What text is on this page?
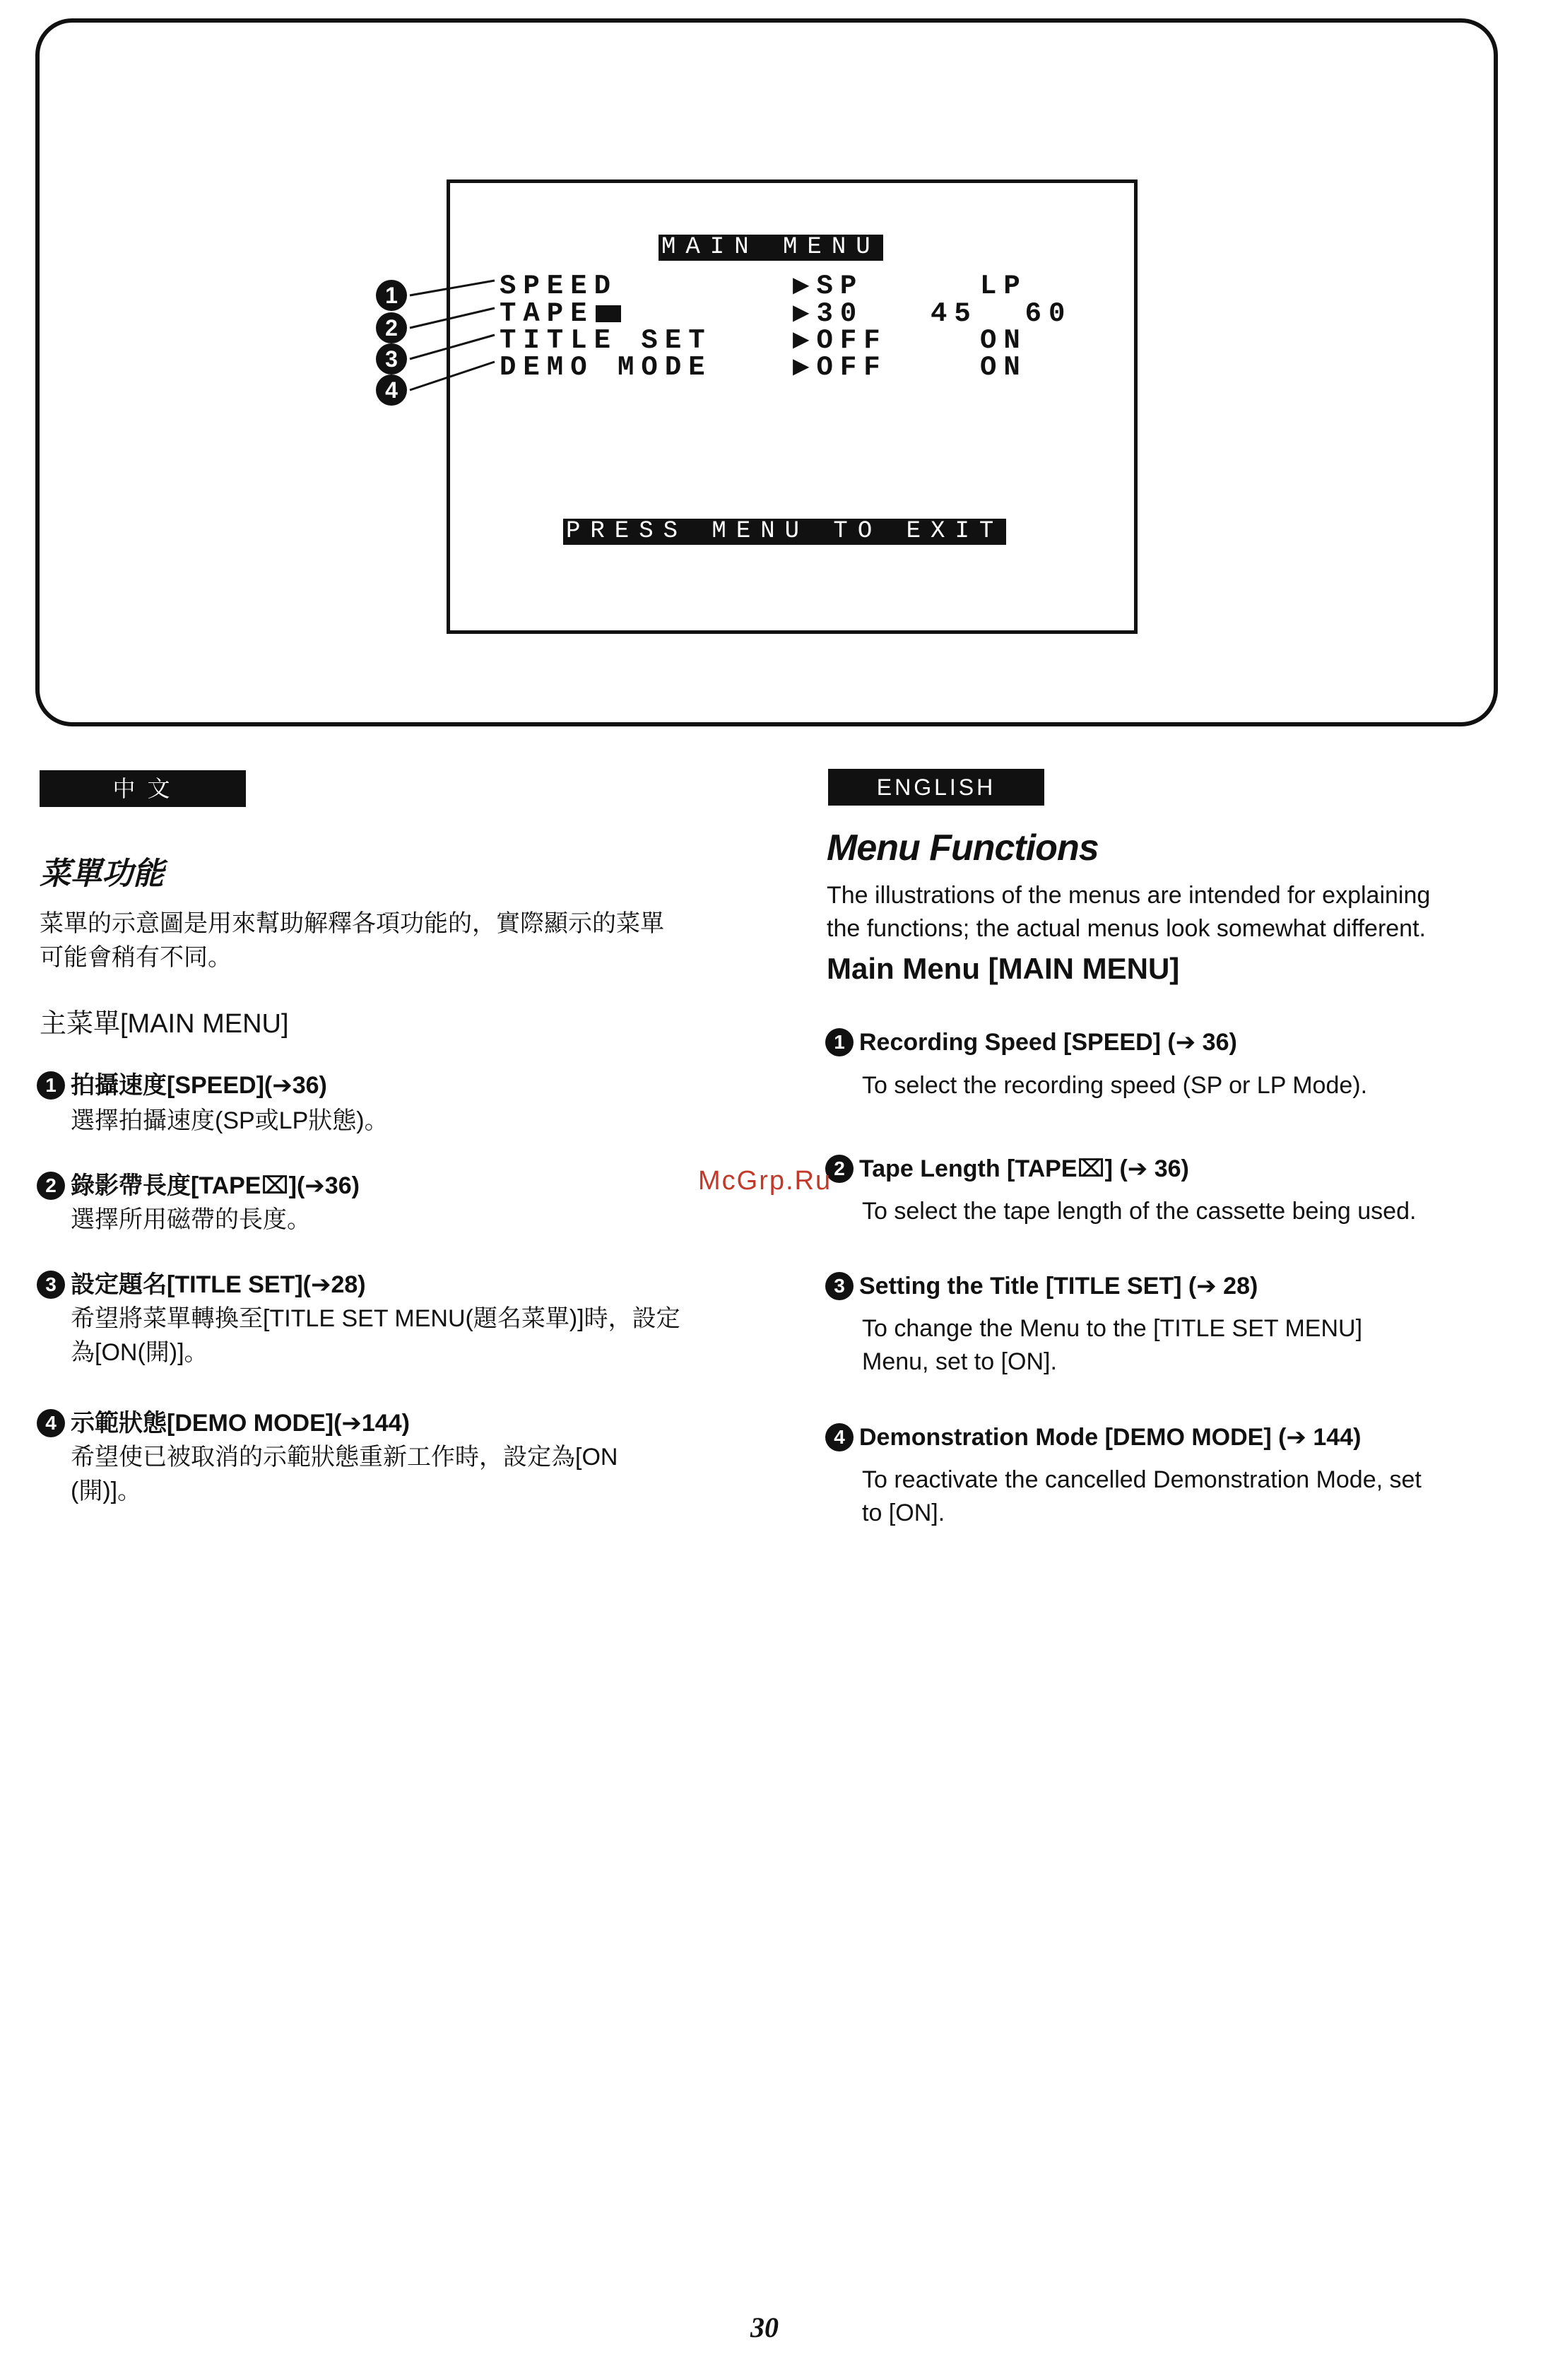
MAIN MENU
SPEED	▶SP	LP
TAPE	▶30 45  60
TITLE SET	▶OFF	ON
DEMO MODE	▶OFF	ON
PRESS MENU TO EXIT
1
2
3
4
中 文
菜單功能
菜單的示意圖是用來幫助解釋各項功能的，實際顯示的菜單
可能會稍有不同。
主菜單[MAIN MENU]
1 拍攝速度[SPEED](➔36)
選擇拍攝速度(SP或LP狀態)。
2 錄影帶長度[TAPE⌧](➔36)
選擇所用磁帶的長度。
3 設定題名[TITLE SET](➔28)
希望將菜單轉換至[TITLE SET MENU(題名菜單)]時，設定
為[ON(開)]。
4 示範狀態[DEMO MODE](➔144)
希望使已被取消的示範狀態重新工作時，設定為[ON
(開)]。
ENGLISH
Menu Functions
The illustrations of the menus are intended for explaining
the functions; the actual menus look somewhat different.
Main Menu [MAIN MENU]
1 Recording Speed [SPEED] (➔ 36)
To select the recording speed (SP or LP Mode).
2 Tape Length [TAPE⌧] (➔ 36)
To select the tape length of the cassette being used.
3 Setting the Title [TITLE SET] (➔ 28)
To change the Menu to the [TITLE SET MENU]
Menu, set to [ON].
4 Demonstration Mode [DEMO MODE] (➔ 144)
To reactivate the cancelled Demonstration Mode, set
to [ON].
McGrp.Ru
30
